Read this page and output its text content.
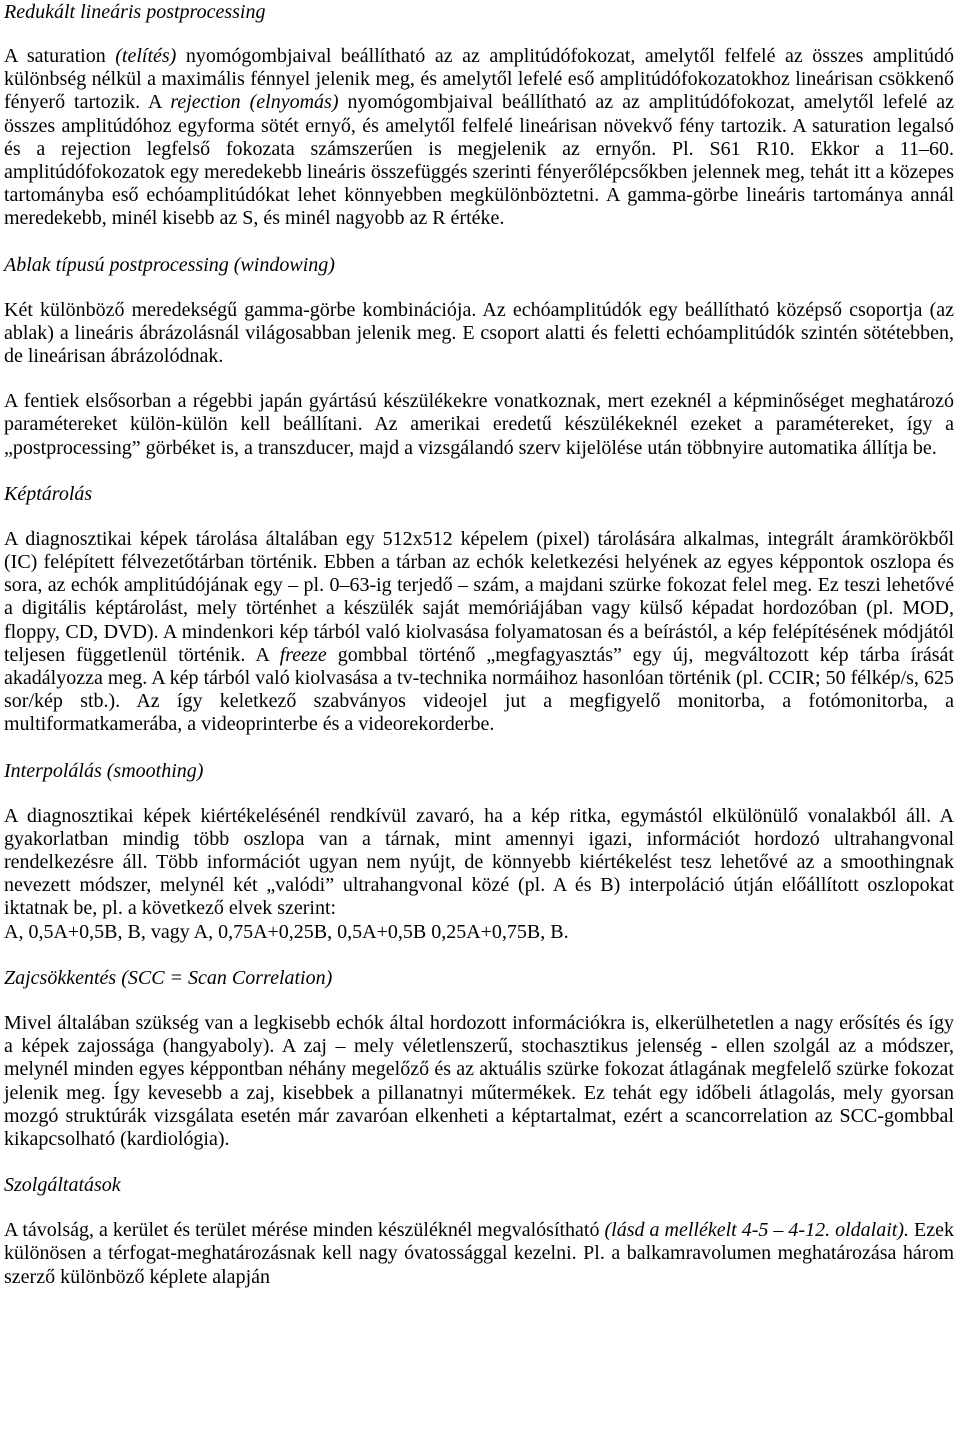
Redukált lineáris postprocessing

A saturation (telítés) nyomógombjaival beállítható az az amplitúdófokozat, amelytől felfelé az összes amplitúdó különbség nélkül a maximális fénnyel jelenik meg, és amelytől lefelé eső amplitúdófokozatokhoz lineárisan csökkenő fényerő tartozik. A rejection (elnyomás) nyomógombjaival beállítható az az amplitúdófokozat, amelytől lefelé az összes amplitúdóhoz egyforma sötét ernyő, és amelytől felfelé lineárisan növekvő fény tartozik. A saturation legalsó és a rejection legfelső fokozata számszerűen is megjelenik az ernyőn. Pl. S61 R10. Ekkor a 11–60. amplitúdófokozatok egy meredekebb lineáris összefüggés szerinti fényerőlépcsőkben jelennek meg, tehát itt a közepes tartományba eső echóamplitúdókat lehet könnyebben megkülönböztetni. A gamma-görbe lineáris tartománya annál meredekebb, minél kisebb az S, és minél nagyobb az R értéke.

Ablak típusú postprocessing (windowing)

Két különböző meredekségű gamma-görbe kombinációja. Az echóamplitúdók egy beállítható középső csoportja (az ablak) a lineáris ábrázolásnál világosabban jelenik meg. E csoport alatti és feletti echóamplitúdók szintén sötétebben, de lineárisan ábrázolódnak.

A fentiek elsősorban a régebbi japán gyártású készülékekre vonatkoznak, mert ezeknél a képminőséget meghatározó paramétereket külön-külön kell beállítani. Az amerikai eredetű készülékeknél ezeket a paramétereket, így a „postprocessing” görbéket is, a transzducer, majd a vizsgálandó szerv kijelölése után többnyire automatika állítja be.

Képtárolás

A diagnosztikai képek tárolása általában egy 512x512 képelem (pixel) tárolására alkalmas, integrált áramkörökből (IC) felépített félvezetőtárban történik. Ebben a tárban az echók keletkezési helyének az egyes képpontok oszlopa és sora, az echók amplitúdójának egy – pl. 0–63-ig terjedő – szám, a majdani szürke fokozat felel meg. Ez teszi lehetővé a digitális képtárolást, mely történhet a készülék saját memóriájában vagy külső képadat hordozóban (pl. MOD, floppy, CD, DVD). A mindenkori kép tárból való kiolvasása folyamatosan és a beírástól, a kép felépítésének módjától teljesen függetlenül történik. A freeze gombbal történő „megfagyasztás” egy új, megváltozott kép tárba írását akadályozza meg. A kép tárból való kiolvasása a tv-technika normáihoz hasonlóan történik (pl. CCIR; 50 félkép/s, 625 sor/kép stb.). Az így keletkező szabványos videojel jut a megfigyelő monitorba, a fotómonitorba, a multiformatkamerába, a videoprinterbe és a videorekorderbe.

Interpolálás (smoothing)

A diagnosztikai képek kiértékelésénél rendkívül zavaró, ha a kép ritka, egymástól elkülönülő vonalakból áll. A gyakorlatban mindig több oszlopa van a tárnak, mint amennyi igazi, információt hordozó ultrahangvonal rendelkezésre áll. Több információt ugyan nem nyújt, de könnyebb kiértékelést tesz lehetővé az a smoothingnak nevezett módszer, melynél két „valódi” ultrahangvonal közé (pl. A és B) interpoláció útján előállított oszlopokat iktatnak be, pl. a következő elvek szerint:

A, 0,5A+0,5B, B, vagy A, 0,75A+0,25B, 0,5A+0,5B 0,25A+0,75B, B.

Zajcsökkentés (SCC = Scan Correlation)

Mivel általában szükség van a legkisebb echók által hordozott információkra is, elkerülhetetlen a nagy erősítés és így a képek zajossága (hangyaboly). A zaj – mely véletlenszerű, stochasztikus jelenség - ellen szolgál az a módszer, melynél minden egyes képpontban néhány megelőző és az aktuális szürke fokozat átlagának megfelelő szürke fokozat jelenik meg. Így kevesebb a zaj, kisebbek a pillanatnyi műtermékek. Ez tehát egy időbeli átlagolás, mely gyorsan mozgó struktúrák vizsgálata esetén már zavaróan elkenheti a képtartalmat, ezért a scancorrelation az SCC-gombbal kikapcsolható (kardiológia).

Szolgáltatások

A távolság, a kerület és terület mérése minden készüléknél megvalósítható (lásd a mellékelt 4-5 – 4-12. oldalait). Ezek különösen a térfogat-meghatározásnak kell nagy óvatossággal kezelni. Pl. a balkamravolumen meghatározása három szerző különböző képlete alapján
